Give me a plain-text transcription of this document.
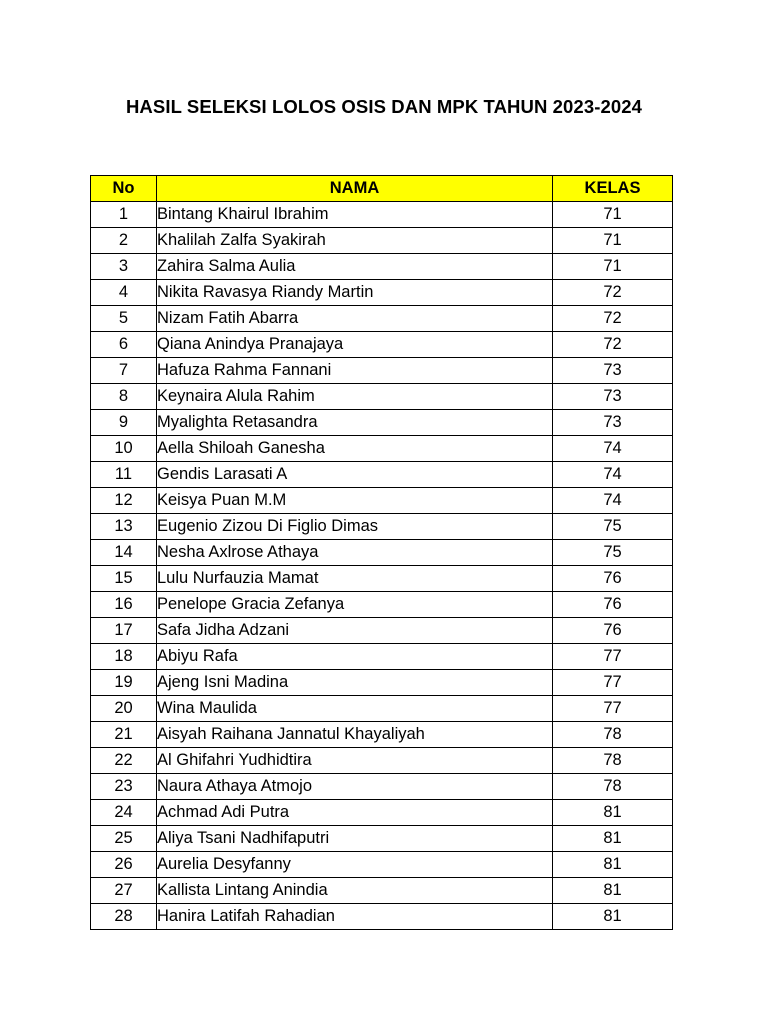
HASIL SELEKSI LOLOS OSIS DAN MPK TAHUN 2023-2024
No	NAMA	KELAS
1	Bintang Khairul Ibrahim	71
2	Khalilah Zalfa Syakirah	71
3	Zahira Salma Aulia	71
4	Nikita Ravasya Riandy Martin	72
5	Nizam Fatih Abarra	72
6	Qiana Anindya Pranajaya	72
7	Hafuza Rahma Fannani	73
8	Keynaira Alula Rahim	73
9	Myalighta Retasandra	73
10	Aella Shiloah Ganesha	74
11	Gendis Larasati A	74
12	Keisya Puan M.M	74
13	Eugenio Zizou Di Figlio Dimas	75
14	Nesha Axlrose Athaya	75
15	Lulu Nurfauzia Mamat	76
16	Penelope Gracia Zefanya	76
17	Safa Jidha Adzani	76
18	Abiyu Rafa	77
19	Ajeng Isni Madina	77
20	Wina Maulida	77
21	Aisyah Raihana Jannatul Khayaliyah	78
22	Al Ghifahri Yudhidtira	78
23	Naura Athaya Atmojo	78
24	Achmad Adi Putra	81
25	Aliya Tsani Nadhifaputri	81
26	Aurelia Desyfanny	81
27	Kallista Lintang Anindia	81
28	Hanira Latifah Rahadian	81
